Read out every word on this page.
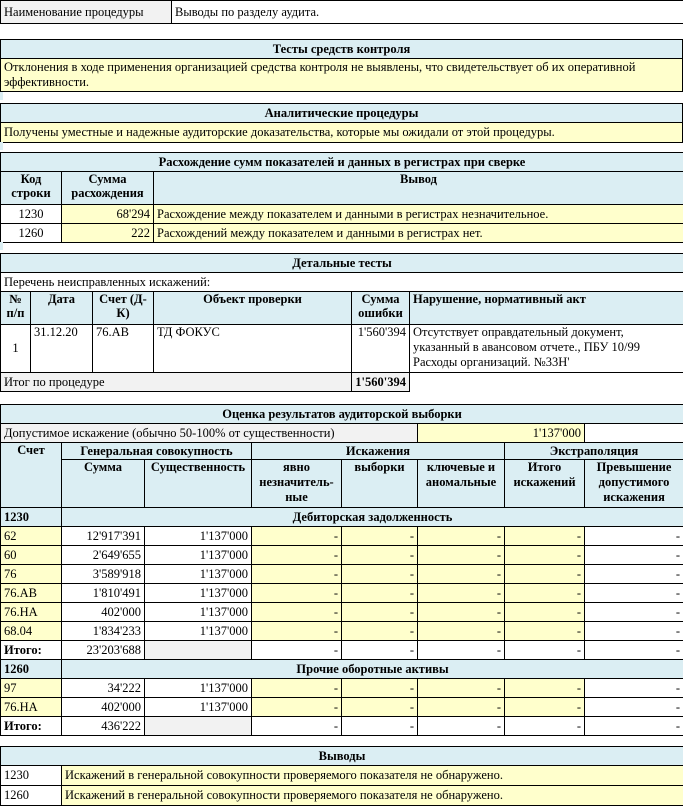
Наименование процедуры	Выводы по разделу аудита.
Тесты средств контроля
Отклонения в ходе применения организацией средства контроля не выявлены, что свидетельствует об их оперативной эффективности.
Аналитические процедуры
Получены уместные и надежные аудиторские доказательства, которые мы ожидали от этой процедуры.
Расхождение сумм показателей и данных в регистрах при сверке		
Код строки	Сумма расхождения	Вывод
1230	68'294	Расхождение между показателем и данными в регистрах незначительное.
1260	222	Расхождений между показателем и данными в регистрах нет.
Детальные тесты					
Перечень неисправленных искажений:					
№ п/п	Дата	Счет (Д-К)	Объект проверки	Сумма ошибки	Нарушение, нормативный акт
1	31.12.20	76.АВ	ТД ФОКУС	1'560'394	Отсутствует оправдательный документ, указанный в авансовом отчете., ПБУ 10/99 Расходы организаций. №33Н'
Итог по процедуре				1'560'394	
Оценка результатов аудиторской выборки							
Допустимое искажение (обычно 50-100% от существенности)					1'137'000		
Счет	Генеральная совокупность		Искажения			Экстраполяция	
	Сумма	Существенность	явно незначитель-ные	выборки	ключевые и аномальные	Итого искажений	Превышение допустимого искажения
1230	Дебиторская задолженность						
62	12'917'391	1'137'000	-	-	-	-	-
60	2'649'655	1'137'000	-	-	-	-	-
76	3'589'918	1'137'000	-	-	-	-	-
76.АВ	1'810'491	1'137'000	-	-	-	-	-
76.НА	402'000	1'137'000	-	-	-	-	-
68.04	1'834'233	1'137'000	-	-	-	-	-
Итого:	23'203'688		-	-	-	-	-
1260	Прочие оборотные активы						
97	34'222	1'137'000	-	-	-	-	-
76.НА	402'000	1'137'000	-	-	-	-	-
Итого:	436'222		-	-	-	-	-
Выводы	
1230	Искажений в генеральной совокупности проверяемого показателя не обнаружено.
1260	Искажений в генеральной совокупности проверяемого показателя не обнаружено.
